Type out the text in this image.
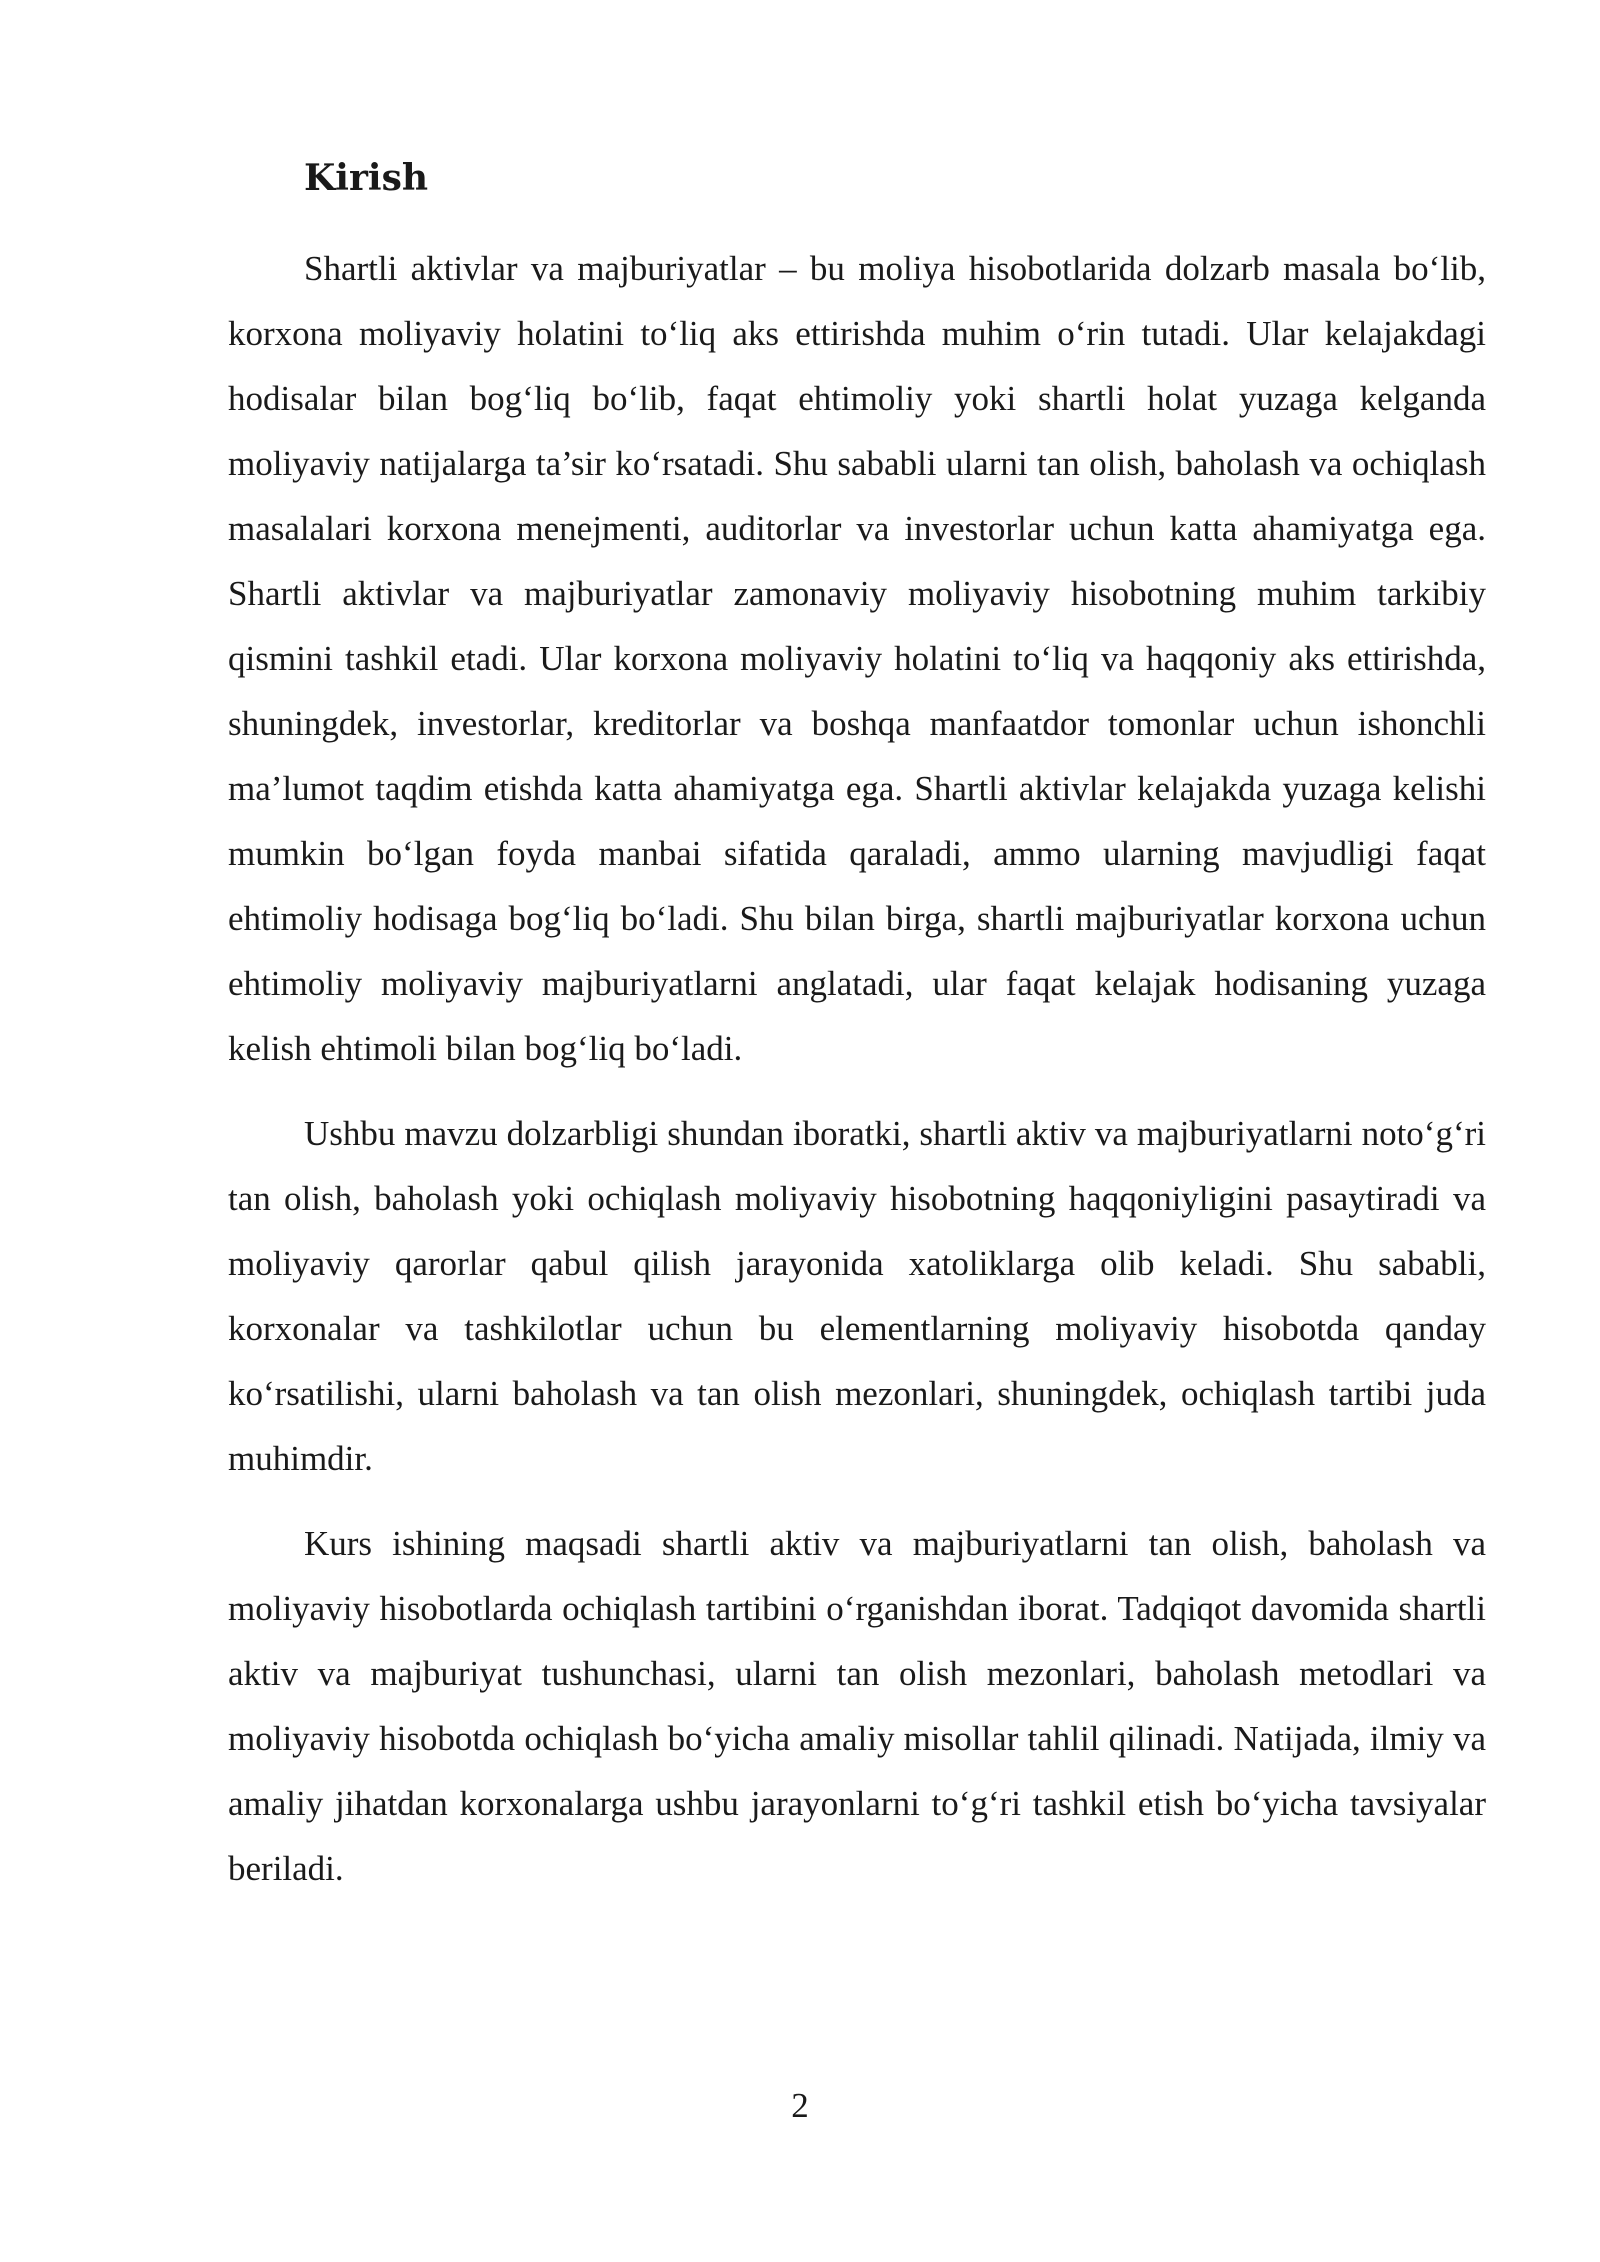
Kirish

Shartli aktivlar va majburiyatlar – bu moliya hisobotlarida dolzarb masala bo‘lib, korxona moliyaviy holatini to‘liq aks ettirishda muhim o‘rin tutadi. Ular kelajakdagi hodisalar bilan bog‘liq bo‘lib, faqat ehtimoliy yoki shartli holat yuzaga kelganda moliyaviy natijalarga ta’sir ko‘rsatadi. Shu sababli ularni tan olish, baholash va ochiqlash masalalari korxona menejmenti, auditorlar va investorlar uchun katta ahamiyatga ega. Shartli aktivlar va majburiyatlar zamonaviy moliyaviy hisobotning muhim tarkibiy qismini tashkil etadi. Ular korxona moliyaviy holatini to‘liq va haqqoniy aks ettirishda, shuningdek, investorlar, kreditorlar va boshqa manfaatdor tomonlar uchun ishonchli ma’lumot taqdim etishda katta ahamiyatga ega. Shartli aktivlar kelajakda yuzaga kelishi mumkin bo‘lgan foyda manbai sifatida qaraladi, ammo ularning mavjudligi faqat ehtimoliy hodisaga bog‘liq bo‘ladi. Shu bilan birga, shartli majburiyatlar korxona uchun ehtimoliy moliyaviy majburiyatlarni anglatadi, ular faqat kelajak hodisaning yuzaga kelish ehtimoli bilan bog‘liq bo‘ladi.

Ushbu mavzu dolzarbligi shundan iboratki, shartli aktiv va majburiyatlarni noto‘g‘ri tan olish, baholash yoki ochiqlash moliyaviy hisobotning haqqoniyligini pasaytiradi va moliyaviy qarorlar qabul qilish jarayonida xatoliklarga olib keladi. Shu sababli, korxonalar va tashkilotlar uchun bu elementlarning moliyaviy hisobotda qanday ko‘rsatilishi, ularni baholash va tan olish mezonlari, shuningdek, ochiqlash tartibi juda muhimdir.

Kurs ishining maqsadi shartli aktiv va majburiyatlarni tan olish, baholash va moliyaviy hisobotlarda ochiqlash tartibini o‘rganishdan iborat. Tadqiqot davomida shartli aktiv va majburiyat tushunchasi, ularni tan olish mezonlari, baholash metodlari va moliyaviy hisobotda ochiqlash bo‘yicha amaliy misollar tahlil qilinadi. Natijada, ilmiy va amaliy jihatdan korxonalarga ushbu jarayonlarni to‘g‘ri tashkil etish bo‘yicha tavsiyalar beriladi.

2
